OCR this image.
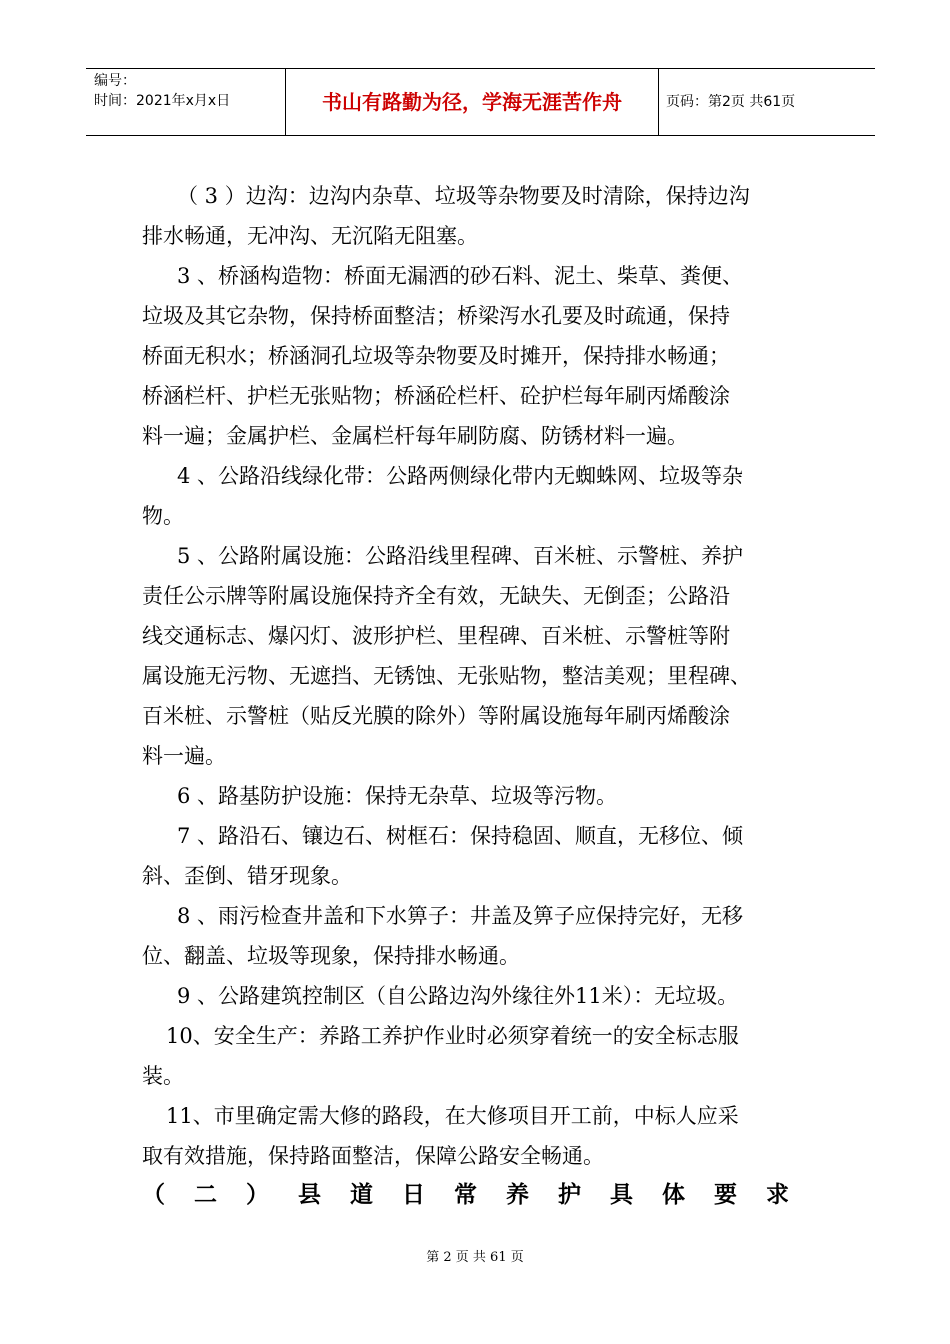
编号：
时间：2021年x月x日	书山有路勤为径，学海无涯苦作舟	页码：第2页 共61页

（ 3 ）边沟：边沟内杂草、垃圾等杂物要及时清除，保持边沟
排水畅通，无冲沟、无沉陷无阻塞。

3 、桥涵构造物：桥面无漏洒的砂石料、泥土、柴草、粪便、
垃圾及其它杂物，保持桥面整洁；桥梁泻水孔要及时疏通，保持
桥面无积水；桥涵洞孔垃圾等杂物要及时摊开，保持排水畅通；
桥涵栏杆、护栏无张贴物；桥涵砼栏杆、砼护栏每年刷丙烯酸涂
料一遍；金属护栏、金属栏杆每年刷防腐、防锈材料一遍。

4 、公路沿线绿化带：公路两侧绿化带内无蜘蛛网、垃圾等杂
物。

5 、公路附属设施：公路沿线里程碑、百米桩、示警桩、养护
责任公示牌等附属设施保持齐全有效，无缺失、无倒歪；公路沿
线交通标志、爆闪灯、波形护栏、里程碑、百米桩、示警桩等附
属设施无污物、无遮挡、无锈蚀、无张贴物，整洁美观；里程碑、
百米桩、示警桩（贴反光膜的除外）等附属设施每年刷丙烯酸涂
料一遍。

6 、路基防护设施：保持无杂草、垃圾等污物。

7 、路沿石、镶边石、树框石：保持稳固、顺直，无移位、倾
斜、歪倒、错牙现象。

8 、雨污检查井盖和下水箅子：井盖及箅子应保持完好，无移
位、翻盖、垃圾等现象，保持排水畅通。

9 、公路建筑控制区（自公路边沟外缘往外11米）：无垃圾。

10、安全生产：养路工养护作业时必须穿着统一的安全标志服
装。

11、市里确定需大修的路段，在大修项目开工前，中标人应采
取有效措施，保持路面整洁，保障公路安全畅通。

（二）县道日常养护具体要求
第 2 页 共 61 页
